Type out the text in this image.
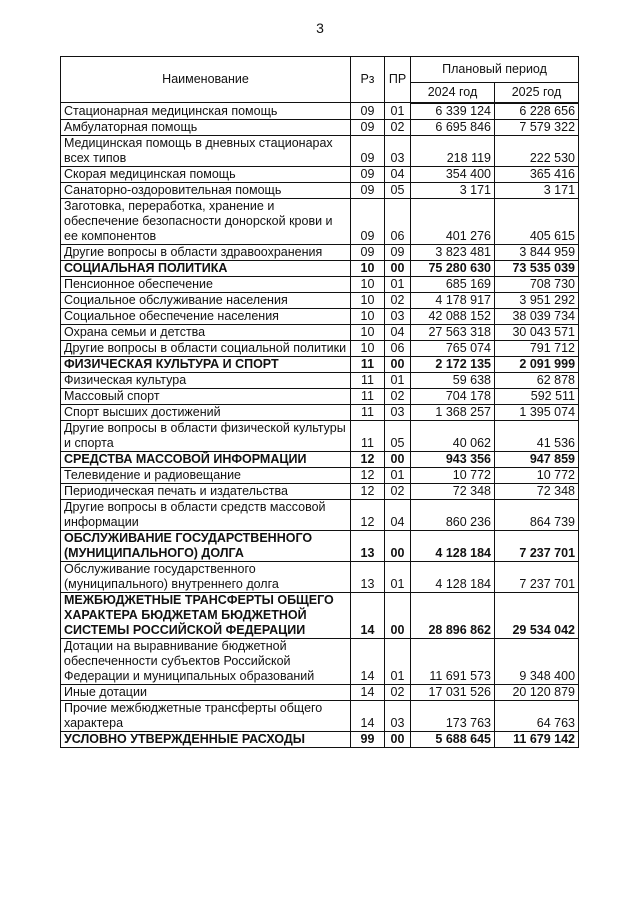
3
Наименование	Рз	ПР	Плановый период	
			2024 год	2025 год
Стационарная медицинская помощь	09	01	6 339 124	6 228 656
Амбулаторная помощь	09	02	6 695 846	7 579 322
Медицинская помощь в дневных стационарах всех типов	09	03	218 119	222 530
Скорая медицинская помощь	09	04	354 400	365 416
Санаторно-оздоровительная помощь	09	05	3 171	3 171
Заготовка, переработка, хранение и обеспечение безопасности донорской крови и ее компонентов	09	06	401 276	405 615
Другие вопросы в области здравоохранения	09	09	3 823 481	3 844 959
СОЦИАЛЬНАЯ ПОЛИТИКА	10	00	75 280 630	73 535 039
Пенсионное обеспечение	10	01	685 169	708 730
Социальное обслуживание населения	10	02	4 178 917	3 951 292
Социальное обеспечение населения	10	03	42 088 152	38 039 734
Охрана семьи и детства	10	04	27 563 318	30 043 571
Другие вопросы в области социальной политики	10	06	765 074	791 712
ФИЗИЧЕСКАЯ КУЛЬТУРА И СПОРТ	11	00	2 172 135	2 091 999
Физическая культура	11	01	59 638	62 878
Массовый спорт	11	02	704 178	592 511
Спорт высших достижений	11	03	1 368 257	1 395 074
Другие вопросы в области физической культуры и спорта	11	05	40 062	41 536
СРЕДСТВА МАССОВОЙ ИНФОРМАЦИИ	12	00	943 356	947 859
Телевидение и радиовещание	12	01	10 772	10 772
Периодическая печать и издательства	12	02	72 348	72 348
Другие вопросы в области средств массовой информации	12	04	860 236	864 739
ОБСЛУЖИВАНИЕ ГОСУДАРСТВЕННОГО (МУНИЦИПАЛЬНОГО) ДОЛГА	13	00	4 128 184	7 237 701
Обслуживание государственного (муниципального) внутреннего долга	13	01	4 128 184	7 237 701
МЕЖБЮДЖЕТНЫЕ ТРАНСФЕРТЫ ОБЩЕГО ХАРАКТЕРА БЮДЖЕТАМ БЮДЖЕТНОЙ СИСТЕМЫ РОССИЙСКОЙ ФЕДЕРАЦИИ	14	00	28 896 862	29 534 042
Дотации на выравнивание бюджетной обеспеченности субъектов Российской Федерации и муниципальных образований	14	01	11 691 573	9 348 400
Иные дотации	14	02	17 031 526	20 120 879
Прочие межбюджетные трансферты общего характера	14	03	173 763	64 763
УСЛОВНО УТВЕРЖДЕННЫЕ РАСХОДЫ	99	00	5 688 645	11 679 142
